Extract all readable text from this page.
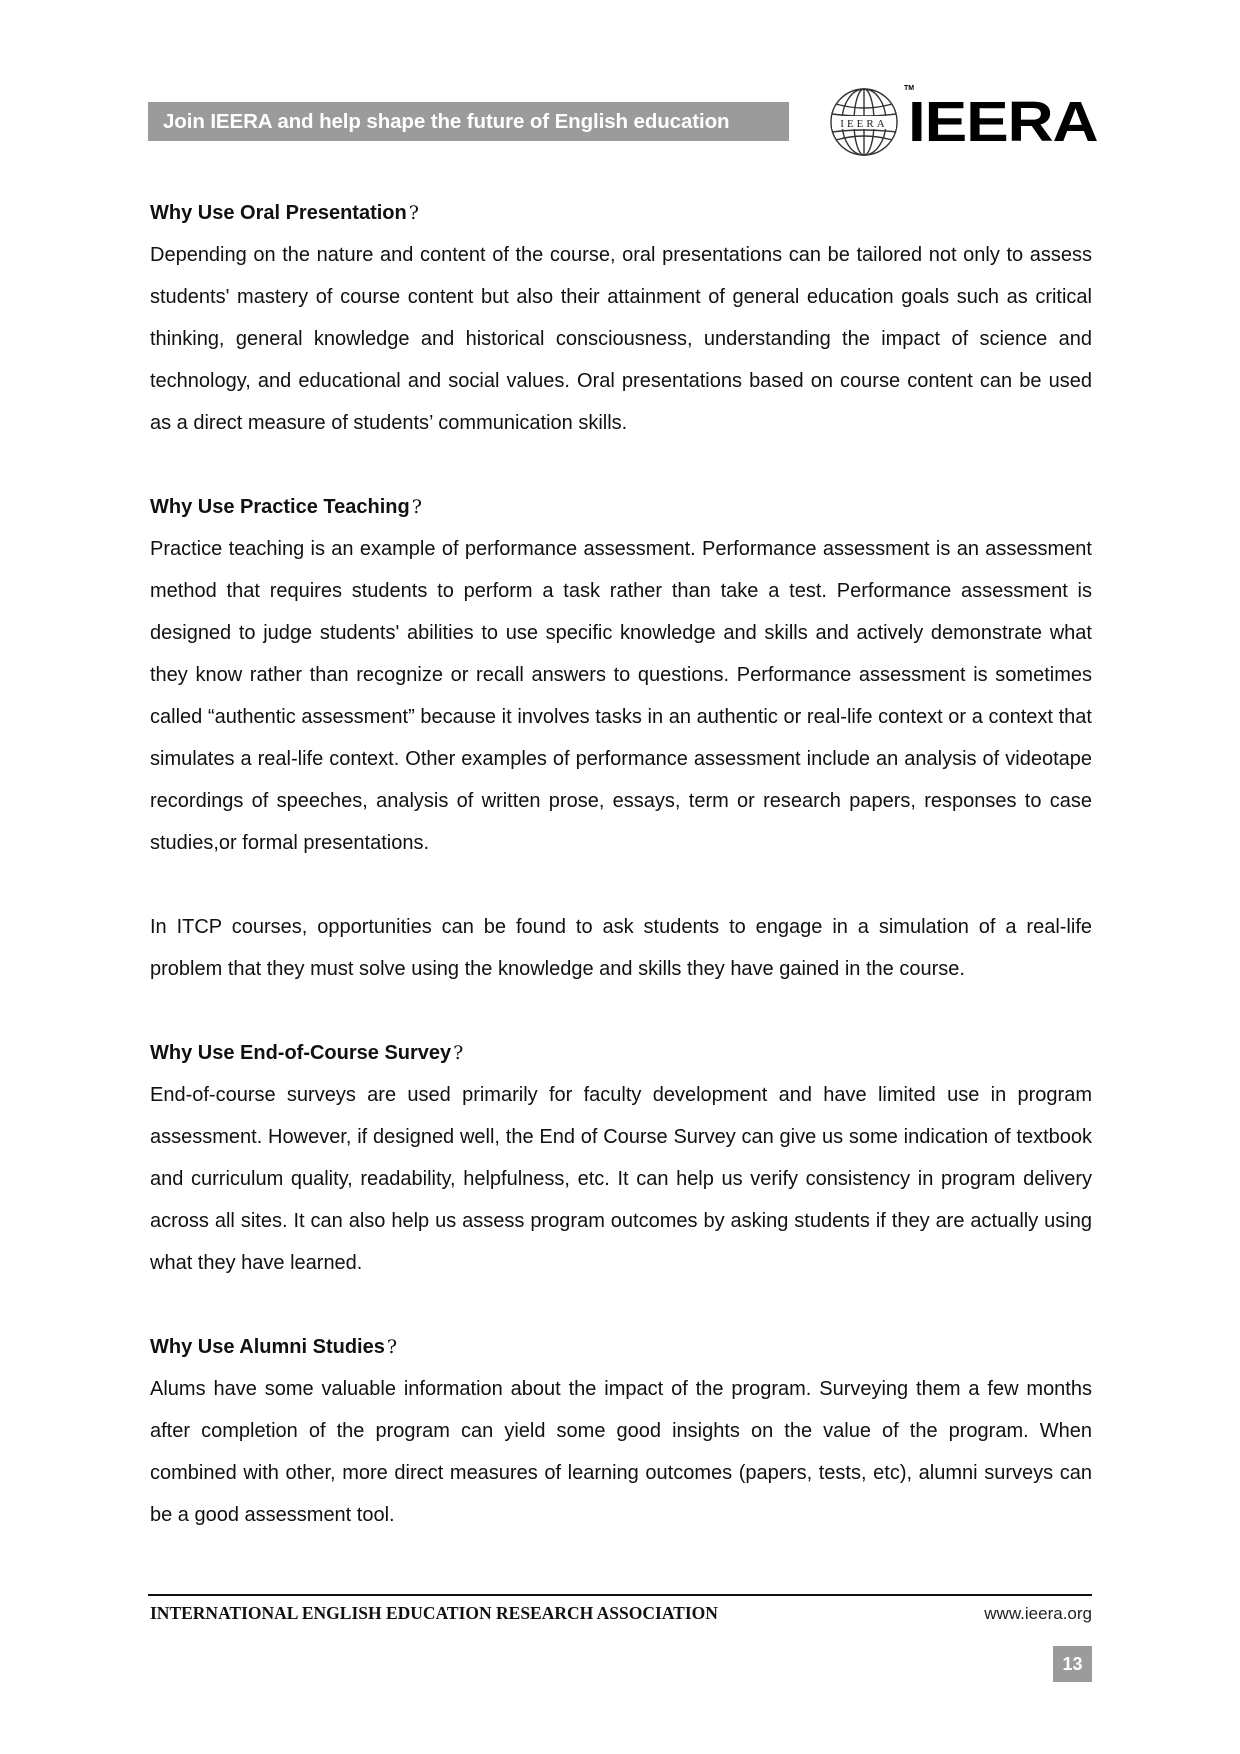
Join IEERA and help shape the future of English education	IEERA
TM
IEERA
Why Use Oral Presentation ?

Depending on the nature and content of the course, oral presentations can be tailored not only to assess students' mastery of course content but also their attainment of general education goals such as critical thinking, general knowledge and historical consciousness, understanding the impact of science and technology, and educational and social values. Oral presentations based on course content can be used as a direct measure of students’ communication skills.

Why Use Practice Teaching ?

Practice teaching is an example of performance assessment. Performance assessment is an assessment method that requires students to perform a task rather than take a test. Performance assessment is designed to judge students' abilities to use specific knowledge and skills and actively demonstrate what they know rather than recognize or recall answers to questions. Performance assessment is sometimes called “authentic assessment” because it involves tasks in an authentic or real-life context or a context that simulates a real-life context. Other examples of performance assessment include an analysis of videotape recordings of speeches, analysis of written prose, essays, term or research papers, responses to case studies,or formal presentations.

In ITCP courses, opportunities can be found to ask students to engage in a simulation of a real-life problem that they must solve using the knowledge and skills they have gained in the course.

Why Use End-of-Course Survey ?

End-of-course surveys are used primarily for faculty development and have limited use in program assessment. However, if designed well, the End of Course Survey can give us some indication of textbook and curriculum quality, readability, helpfulness, etc. It can help us verify consistency in program delivery across all sites. It can also help us assess program outcomes by asking students if they are actually using what they have learned.

Why Use Alumni Studies ?

Alums have some valuable information about the impact of the program. Surveying them a few months after completion of the program can yield some good insights on the value of the program. When combined with other, more direct measures of learning outcomes (papers, tests, etc), alumni surveys can be a good assessment tool.

INTERNATIONAL ENGLISH EDUCATION RESEARCH ASSOCIATION	www.ieera.org
13
